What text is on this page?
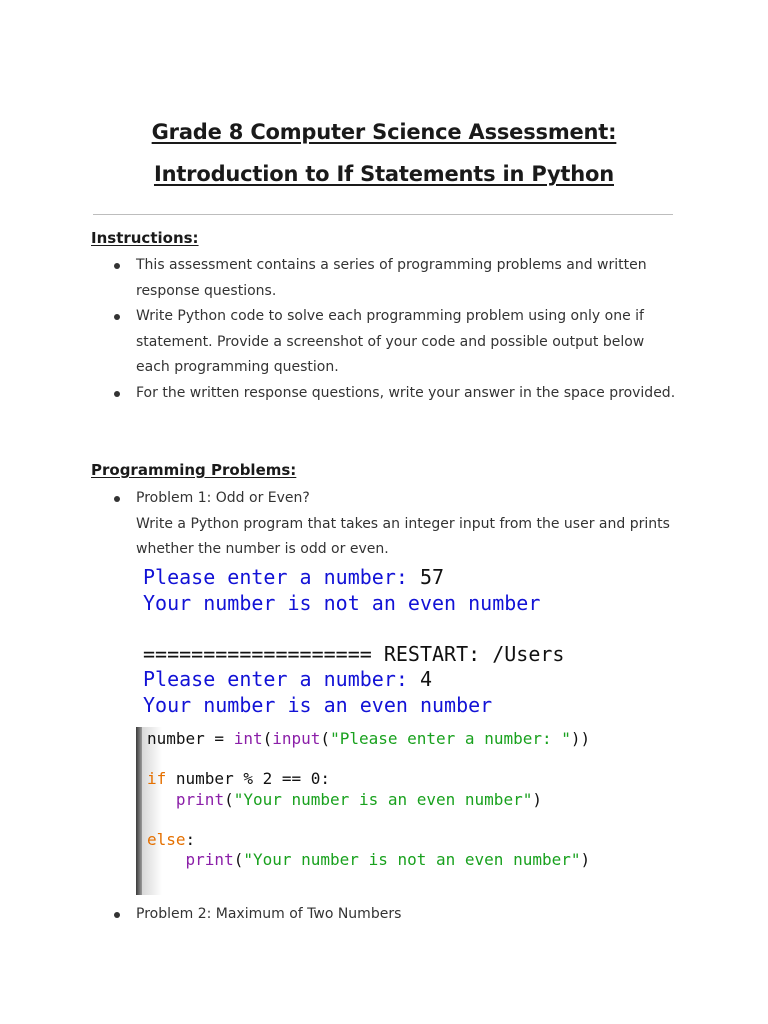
Grade 8 Computer Science Assessment:
Introduction to If Statements in Python
Instructions:
This assessment contains a series of programming problems and written response questions.
Write Python code to solve each programming problem using only one if statement. Provide a screenshot of your code and possible output below each programming question.
For the written response questions, write your answer in the space provided.
Programming Problems:
Problem 1: Odd or Even?
Write a Python program that takes an integer input from the user and prints whether the number is odd or even.
Please enter a number: 57
Your number is not an even number

=================== RESTART: /Users
Please enter a number: 4
Your number is an even number
number = int(input("Please enter a number: "))

if number % 2 == 0:
print("Your number is an even number")

else:
print("Your number is not an even number")
Problem 2: Maximum of Two Numbers
